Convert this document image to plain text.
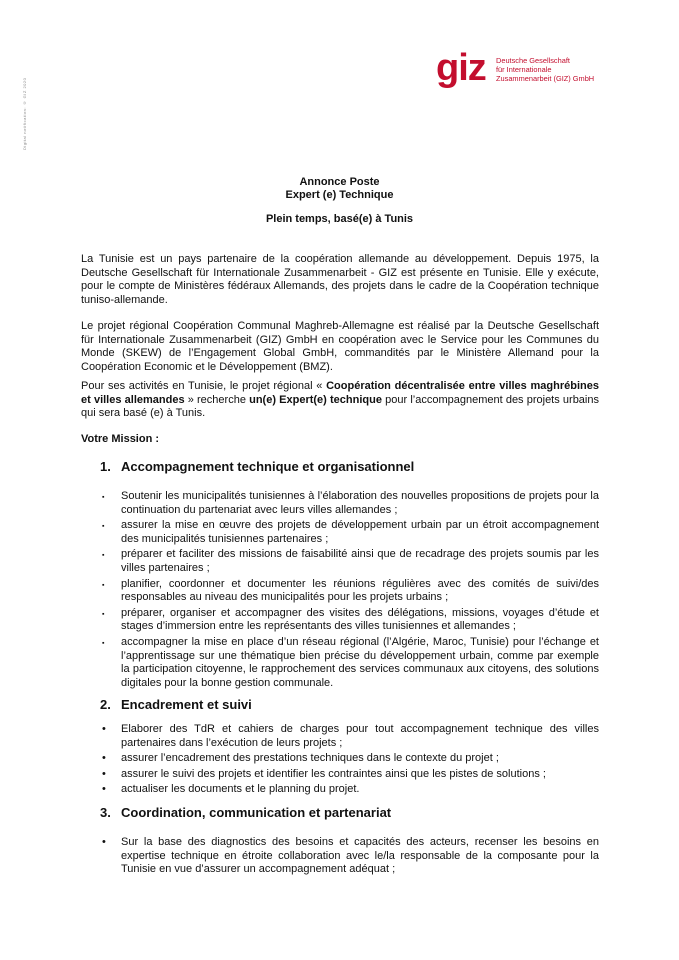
Digital notification: © GIZ 2020
giz Deutsche Gesellschaft
für Internationale
Zusammenarbeit (GIZ) GmbH
Annonce Poste
Expert (e) Technique
Plein temps, basé(e) à Tunis
La Tunisie est un pays partenaire de la coopération allemande au développement. Depuis 1975, la Deutsche Gesellschaft für Internationale Zusammenarbeit - GIZ est présente en Tunisie. Elle y exécute, pour le compte de Ministères fédéraux Allemands, des projets dans le cadre de la Coopération technique tuniso-allemande.
Le projet régional Coopération Communal Maghreb-Allemagne est réalisé par la Deutsche Gesellschaft für Internationale Zusammenarbeit (GIZ) GmbH en coopération avec le Service pour les Communes du Monde (SKEW) de l’Engagement Global GmbH, commandités par le Ministère Allemand pour la Coopération Economic et le Développement (BMZ).
Pour ses activités en Tunisie, le projet régional « Coopération décentralisée entre villes maghrébines et villes allemandes » recherche un(e) Expert(e) technique pour l’accompagnement des projets urbains qui sera basé (e) à Tunis.
Votre Mission :
1. Accompagnement technique et organisationnel
▪ Soutenir les municipalités tunisiennes à l’élaboration des nouvelles propositions de projets pour la continuation du partenariat avec leurs villes allemandes ;
▪ assurer la mise en œuvre des projets de développement urbain par un étroit accompagnement des municipalités tunisiennes partenaires ;
▪ préparer et faciliter des missions de faisabilité ainsi que de recadrage des projets soumis par les villes partenaires ;
▪ planifier, coordonner et documenter les réunions régulières avec des comités de suivi/des responsables au niveau des municipalités pour les projets urbains ;
▪ préparer, organiser et accompagner des visites des délégations, missions, voyages d’étude et stages d’immersion entre les représentants des villes tunisiennes et allemandes ;
▪ accompagner la mise en place d’un réseau régional (l’Algérie, Maroc, Tunisie) pour l’échange et l’apprentissage sur une thématique bien précise du développement urbain, comme par exemple la participation citoyenne, le rapprochement des services communaux aux citoyens, des solutions digitales pour la bonne gestion communale.
2. Encadrement et suivi
• Elaborer des TdR et cahiers de charges pour tout accompagnement technique des villes partenaires dans l’exécution de leurs projets ;
• assurer l’encadrement des prestations techniques dans le contexte du projet ;
• assurer le suivi des projets et identifier les contraintes ainsi que les pistes de solutions ;
• actualiser les documents et le planning du projet.
3. Coordination, communication et partenariat
• Sur la base des diagnostics des besoins et capacités des acteurs, recenser les besoins en expertise technique en étroite collaboration avec le/la responsable de la composante pour la Tunisie en vue d’assurer un accompagnement adéquat ;
